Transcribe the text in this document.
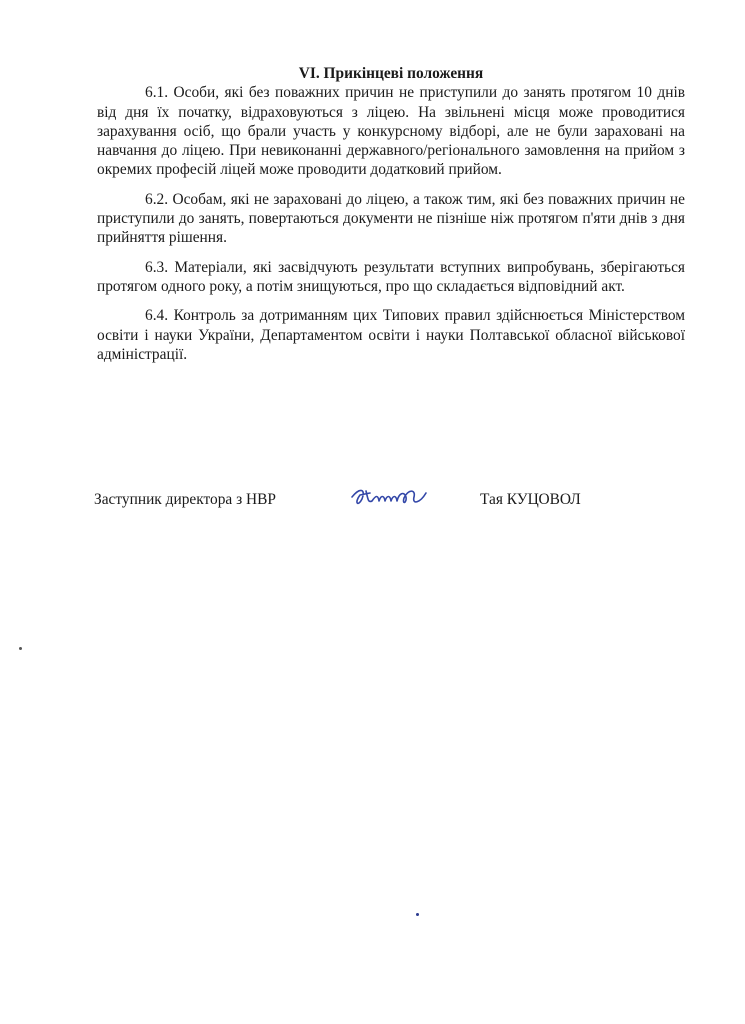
VI. Прикінцеві положення

6.1. Особи, які без поважних причин не приступили до занять протягом 10 днів від дня їх початку, відраховуються з ліцею. На звільнені місця може проводитися зарахування осіб, що брали участь у конкурсному відборі, але не були зараховані на навчання до ліцею. При невиконанні державного/регіонального замовлення на прийом з окремих професій ліцей може проводити додатковий прийом.

6.2. Особам, які не зараховані до ліцею, а також тим, які без поважних причин не приступили до занять, повертаються документи не пізніше ніж протягом п'яти днів з дня прийняття рішення.

6.3. Матеріали, які засвідчують результати вступних випробувань, зберігаються протягом одного року, а потім знищуються, про що складається відповідний акт.

6.4. Контроль за дотриманням цих Типових правил здійснюється Міністерством освіти і науки України, Департаментом освіти і науки Полтавської обласної військової адміністрації.

Заступник директора з НВР	Тая КУЦОВОЛ
